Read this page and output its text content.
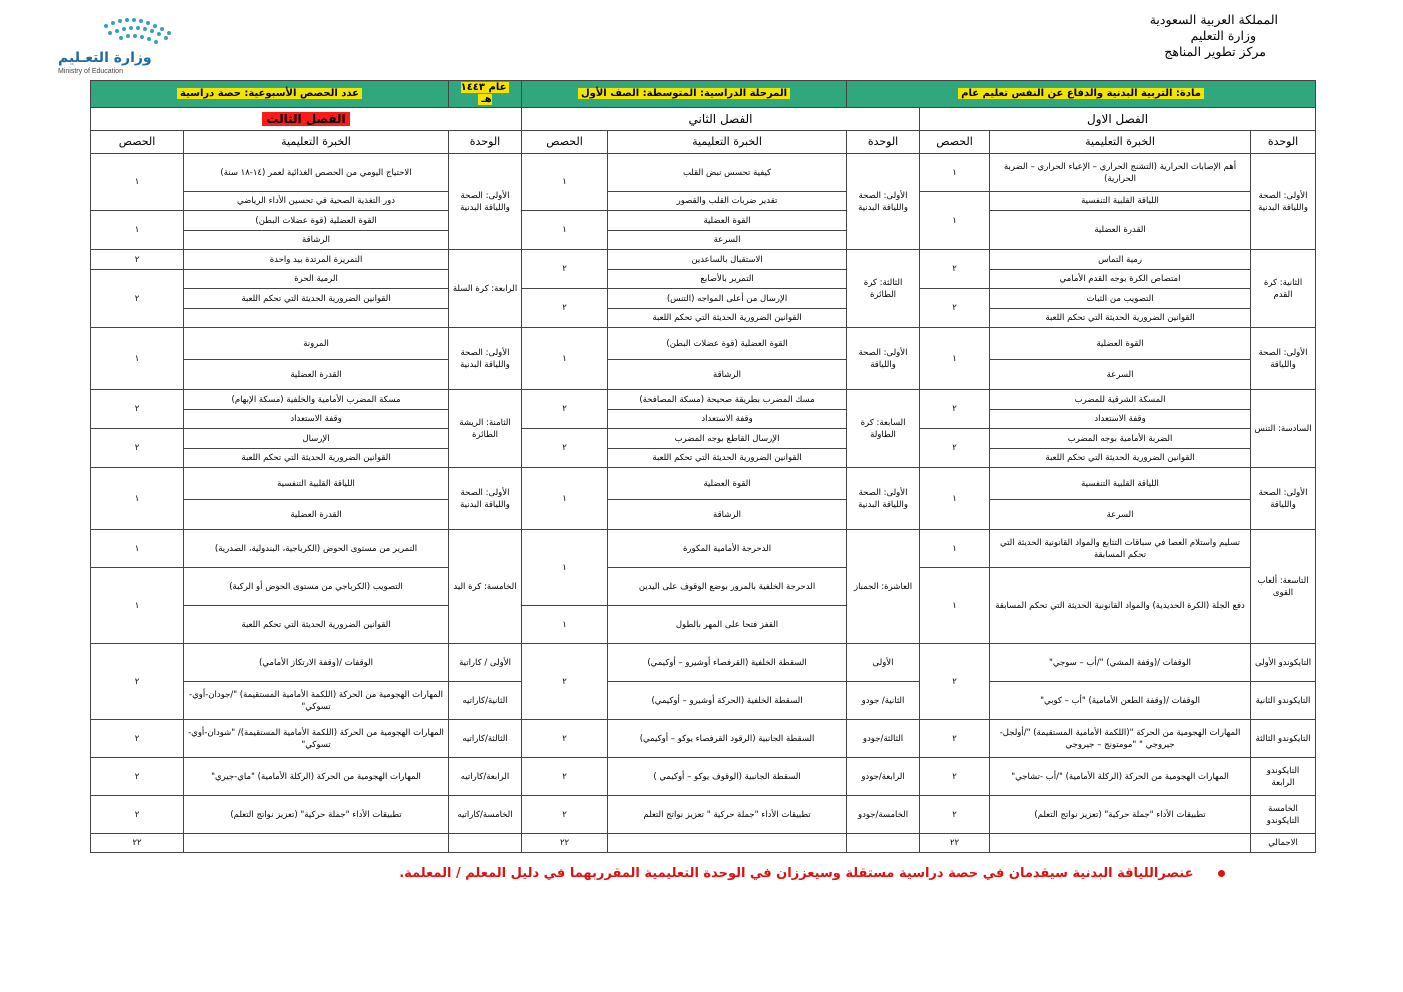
المملكة العربية السعودية
وزارة التعليم
مركز تطوير المناهج
وزارة التعـليم
Ministry of Education
مادة: التربية البدنية والدفاع عن النفس تعليم عام				المرحلة الدراسية: المتوسطة: الصف الأول		عام ١٤٤٣ هـ	عدد الحصص الأسبوعية: حصة دراسية	
الفصل الاول			الفصل الثاني			الفصل الثالث		
الوحدة	الخبرة التعليمية	الحصص	الوحدة	الخبرة التعليمية	الحصص	الوحدة	الخبرة التعليمية	الحصص
الأولى: الصحة واللياقة البدنية	أهم الإصابات الحرارية (التشنج الحراري – الإعياء الحراري – الضربة الحرارية)	١	الأولى: الصحة واللياقة البدنية	كيفية تحسس نبض القلب	١	الأولى: الصحة واللياقة البدنية	الاحتياج اليومي من الحصص الغذائية لعمر (١٤-١٨ سنة)	١
	اللياقة القلبية التنفسية	١		تقدير ضربات القلب والقصور			دور التغذية الصحية في تحسين الأداء الرياضي	
	القدرة العضلية			القوة العضلية	١		القوة العضلية (قوة عضلات البطن)	١
				السرعة			الرشاقة	
الثانية: كرة القدم	رمية التماس	٢	الثالثة: كرة الطائرة	الاستقبال بالساعدين	٢	الرابعة: كرة السلة	التمريرة المرتدة بيد واحدة	٢
	امتصاص الكرة بوجه القدم الأمامي			التمرير بالأصابع			الرمية الحرة	٢
	التصويب من الثبات	٢		الإرسال من أعلى المواجه (التنس)	٢		القوانين الضرورية الحديثة التي تحكم اللعبة	
	القوانين الضرورية الحديثة التي تحكم اللعبة			القوانين الضرورية الحديثة التي تحكم اللعبة				
الأولى: الصحة واللياقة	القوة العضلية	١	الأولى: الصحة واللياقة	القوة العضلية (قوة عضلات البطن)	١	الأولى: الصحة واللياقة البدنية	المرونة	١
	السرعة			الرشاقة			القدرة العضلية	
السادسة: التنس	المسكة الشرقية للمضرب	٢	السابعة: كرة الطاولة	مسك المضرب بطريقة صحيحة (مسكة المصافحة)	٢	الثامنة: الريشة الطائرة	مسكة المضرب الأمامية والخلفية (مسكة الإبهام)	٢
	وقفة الاستعداد			وقفة الاستعداد			وقفة الاستعداد	
	الضربة الأمامية بوجه المضرب	٢		الإرسال القاطع بوجه المضرب	٢		الإرسال	٢
	القوانين الضرورية الحديثة التي تحكم اللعبة			القوانين الضرورية الحديثة التي تحكم اللعبة			القوانين الضرورية الحديثة التي تحكم اللعبة	
الأولى: الصحة واللياقة	اللياقة القلبية التنفسية	١	الأولى: الصحة واللياقة البدنية	القوة العضلية	١	الأولى: الصحة واللياقة البدنية	اللياقة القلبية التنفسية	١
	السرعة			الرشاقة			القدرة العضلية	
التاسعة: ألعاب القوى	تسليم واستلام العصا في سباقات التتابع والمواد القانونية الحديثة التي تحكم المسابقة	١	العاشرة: الجمباز	الدحرجة الأمامية المكورة	١	الخامسة: كرة اليد	التمرير من مستوى الحوض (الكرباجية، البندولية، الصدرية)	١
	دفع الجلة (الكرة الحديدية) والمواد القانونية الحديثة التي تحكم المسابقة	١		الدحرجة الخلفية بالمرور بوضع الوقوف على اليدين			التصويب (الكرباجي من مستوى الحوض أو الركبة)	١
				القفز فتحا على المهر بالطول	١		القوانين الضرورية الحديثة التي تحكم اللعبة	
التايكوندو الأولى	الوقفات /(وقفة المشي) "/أب – سوجي"	٢	الأولى	السقطة الخلفية (القرفصاء أوشيرو – أوكيمي)	٢	الأولى / كاراتية	الوقفات /(وقفة الارتكاز الأمامي)	٢
التايكوندو الثانية	الوقفات /(وقفة الطعن الأمامية) "أب – كوبي"		الثانية/ جودو	السقطة الخلفية (الحركة أوشيرو – أوكيمي)		الثانية/كاراتيه	المهارات الهجومية من الحركة (اللكمة الأمامية المستقيمة) "/جودان-أوي-تسوكي"	
التايكوندو الثالثة	المهارات الهجومية من الحركة "(اللكمة الأمامية المستقيمة) "/أولجل-جيروجي " "مومتونج – جيروجي	٢	الثالثة/جودو	السقطة الجانبية (الرقود القرفصاء يوكو – أوكيمي)	٢	الثالثة/كاراتيه	المهارات الهجومية من الحركة (اللكمة الأمامية المستقيمة)/ "شودان-أوي-تسوكي"	٢
التايكوندو الرابعة	المهارات الهجومية من الحركة (الركلة الأمامية) "/أب -تشاجي"	٢	الرابعة/جودو	السقطة الجانبية (الوقوف يوكو – أوكيمي )	٢	الرابعة/كاراتيه	المهارات الهجومية من الحركة (الركلة الأمامية) "ماي-جيري"	٢
الخامسة التايكوندو	تطبيقات الأداء "جملة حركية" (تعزيز نواتج التعلم)	٢	الخامسة/جودو	تطبيقات الأداء "جملة حركية " تعزيز نواتج التعلم	٢	الخامسة/كاراتيه	تطبيقات الأداء "جملة حركية" (تعزيز نواتج التعلم)	٢
الاجمالي		٢٢			٢٢			٢٢
عنصراللياقة البدنية سيقدمان في حصة دراسية مستقلة وسيعززان في الوحدة التعليمية المقرربهما في دليل المعلم / المعلمة.
